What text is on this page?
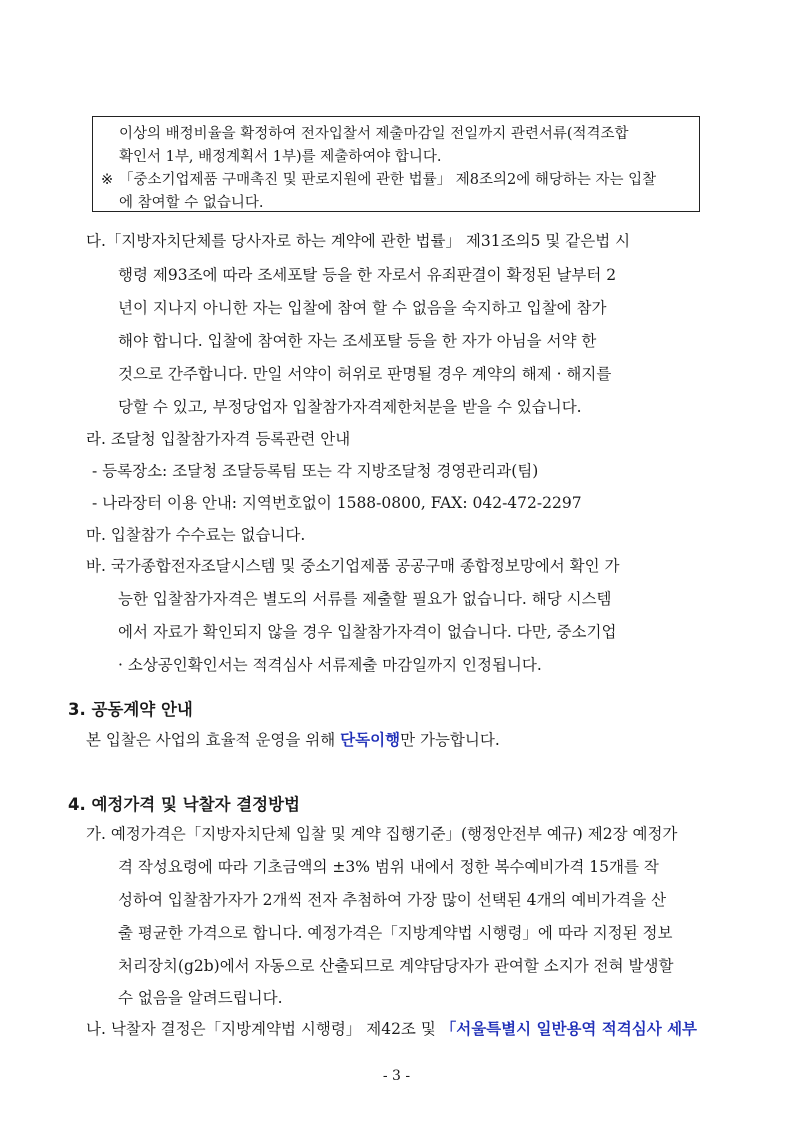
이상의 배정비율을 확정하여 전자입찰서 제출마감일 전일까지 관련서류(적격조합
확인서 1부, 배정계획서 1부)를 제출하여야 합니다.
※ 「중소기업제품 구매촉진 및 판로지원에 관한 법률」 제8조의2에 해당하는 자는 입찰
에 참여할 수 없습니다.
다.「지방자치단체를 당사자로 하는 계약에 관한 법률」 제31조의5 및 같은법 시
행령 제93조에 따라 조세포탈 등을 한 자로서 유죄판결이 확정된 날부터 2
년이 지나지 아니한 자는 입찰에 참여 할 수 없음을 숙지하고 입찰에 참가
해야 합니다. 입찰에 참여한 자는 조세포탈 등을 한 자가 아님을 서약 한
것으로 간주합니다. 만일 서약이 허위로 판명될 경우 계약의 해제 · 해지를
당할 수 있고, 부정당업자 입찰참가자격제한처분을 받을 수 있습니다.
라. 조달청 입찰참가자격 등록관련 안내
- 등록장소: 조달청 조달등록팀 또는 각 지방조달청 경영관리과(팀)
- 나라장터 이용 안내: 지역번호없이 1588-0800, FAX: 042-472-2297
마. 입찰참가 수수료는 없습니다.
바. 국가종합전자조달시스템 및 중소기업제품 공공구매 종합정보망에서 확인 가
능한 입찰참가자격은 별도의 서류를 제출할 필요가 없습니다. 해당 시스템
에서 자료가 확인되지 않을 경우 입찰참가자격이 없습니다. 다만, 중소기업
· 소상공인확인서는 적격심사 서류제출 마감일까지 인정됩니다.
3. 공동계약 안내
본 입찰은 사업의 효율적 운영을 위해 단독이행만 가능합니다.
4. 예정가격 및 낙찰자 결정방법
가. 예정가격은「지방자치단체 입찰 및 계약 집행기준」(행정안전부 예규) 제2장 예정가
격 작성요령에 따라 기초금액의 ±3% 범위 내에서 정한 복수예비가격 15개를 작
성하여 입찰참가자가 2개씩 전자 추첨하여 가장 많이 선택된 4개의 예비가격을 산
출 평균한 가격으로 합니다. 예정가격은「지방계약법 시행령」에 따라 지정된 정보
처리장치(g2b)에서 자동으로 산출되므로 계약담당자가 관여할 소지가 전혀 발생할
수 없음을 알려드립니다.
나. 낙찰자 결정은「지방계약법 시행령」 제42조 및 「서울특별시 일반용역 적격심사 세부
- 3 -
